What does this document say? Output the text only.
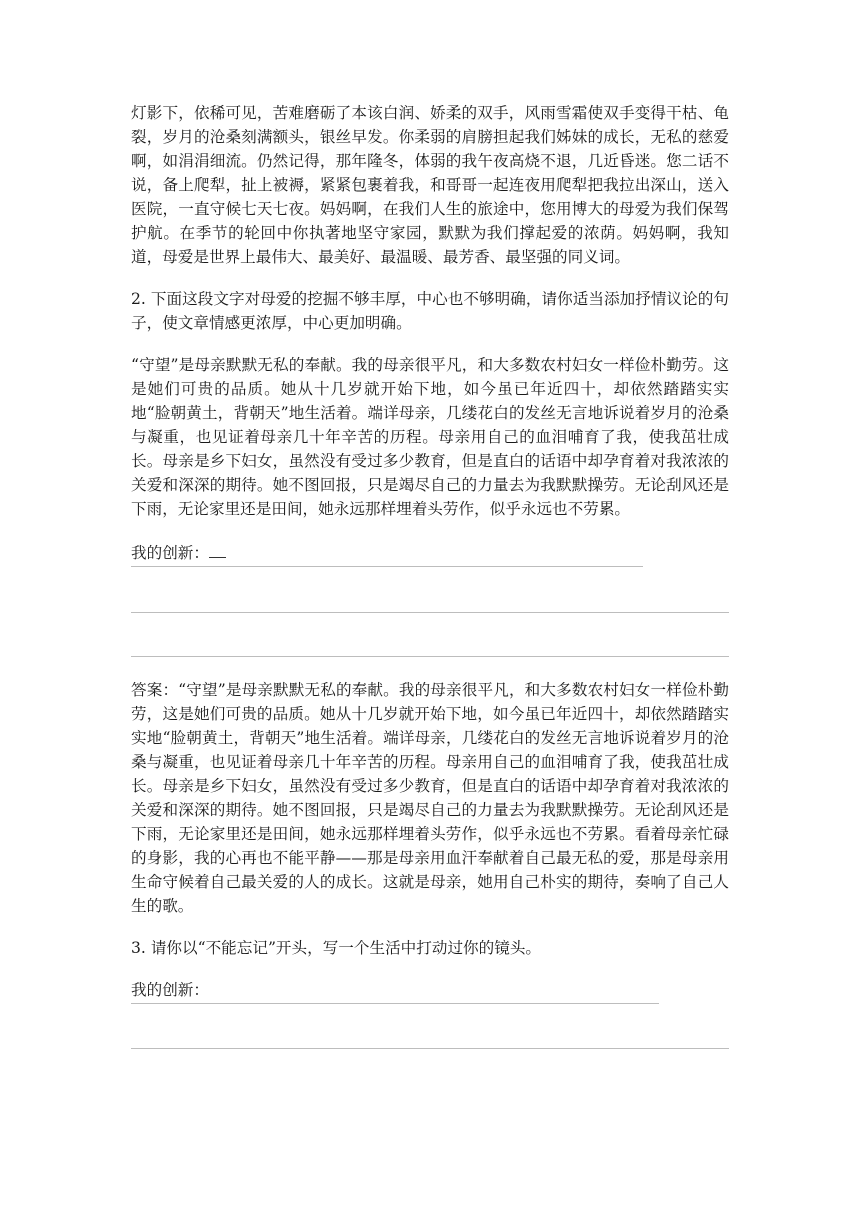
灯影下，依稀可见，苦难磨砺了本该白润、娇柔的双手，风雨雪霜使双手变得干枯、龟裂，岁月的沧桑刻满额头，银丝早发。你柔弱的肩膀担起我们姊妹的成长，无私的慈爱啊，如涓涓细流。仍然记得，那年隆冬，体弱的我午夜高烧不退，几近昏迷。您二话不说，备上爬犁，扯上被褥，紧紧包裹着我，和哥哥一起连夜用爬犁把我拉出深山，送入医院，一直守候七天七夜。妈妈啊，在我们人生的旅途中，您用博大的母爱为我们保驾护航。在季节的轮回中你执著地坚守家园，默默为我们撑起爱的浓荫。妈妈啊，我知道，母爱是世界上最伟大、最美好、最温暖、最芳香、最坚强的同义词。

2. 下面这段文字对母爱的挖掘不够丰厚，中心也不够明确，请你适当添加抒情议论的句子，使文章情感更浓厚，中心更加明确。

“守望”是母亲默默无私的奉献。我的母亲很平凡，和大多数农村妇女一样俭朴勤劳。这是她们可贵的品质。她从十几岁就开始下地，如今虽已年近四十，却依然踏踏实实地“脸朝黄土，背朝天”地生活着。端详母亲，几缕花白的发丝无言地诉说着岁月的沧桑与凝重，也见证着母亲几十年辛苦的历程。母亲用自己的血泪哺育了我，使我茁壮成长。母亲是乡下妇女，虽然没有受过多少教育，但是直白的话语中却孕育着对我浓浓的关爱和深深的期待。她不图回报，只是竭尽自己的力量去为我默默操劳。无论刮风还是下雨，无论家里还是田间，她永远那样埋着头劳作，似乎永远也不劳累。

我的创新：

答案：“守望”是母亲默默无私的奉献。我的母亲很平凡，和大多数农村妇女一样俭朴勤劳，这是她们可贵的品质。她从十几岁就开始下地，如今虽已年近四十，却依然踏踏实实地“脸朝黄土，背朝天”地生活着。端详母亲，几缕花白的发丝无言地诉说着岁月的沧桑与凝重，也见证着母亲几十年辛苦的历程。母亲用自己的血泪哺育了我，使我茁壮成长。母亲是乡下妇女，虽然没有受过多少教育，但是直白的话语中却孕育着对我浓浓的关爱和深深的期待。她不图回报，只是竭尽自己的力量去为我默默操劳。无论刮风还是下雨，无论家里还是田间，她永远那样埋着头劳作，似乎永远也不劳累。看着母亲忙碌的身影，我的心再也不能平静——那是母亲用血汗奉献着自己最无私的爱，那是母亲用生命守候着自己最关爱的人的成长。这就是母亲，她用自己朴实的期待，奏响了自己人生的歌。

3. 请你以“不能忘记”开头，写一个生活中打动过你的镜头。

我的创新：
